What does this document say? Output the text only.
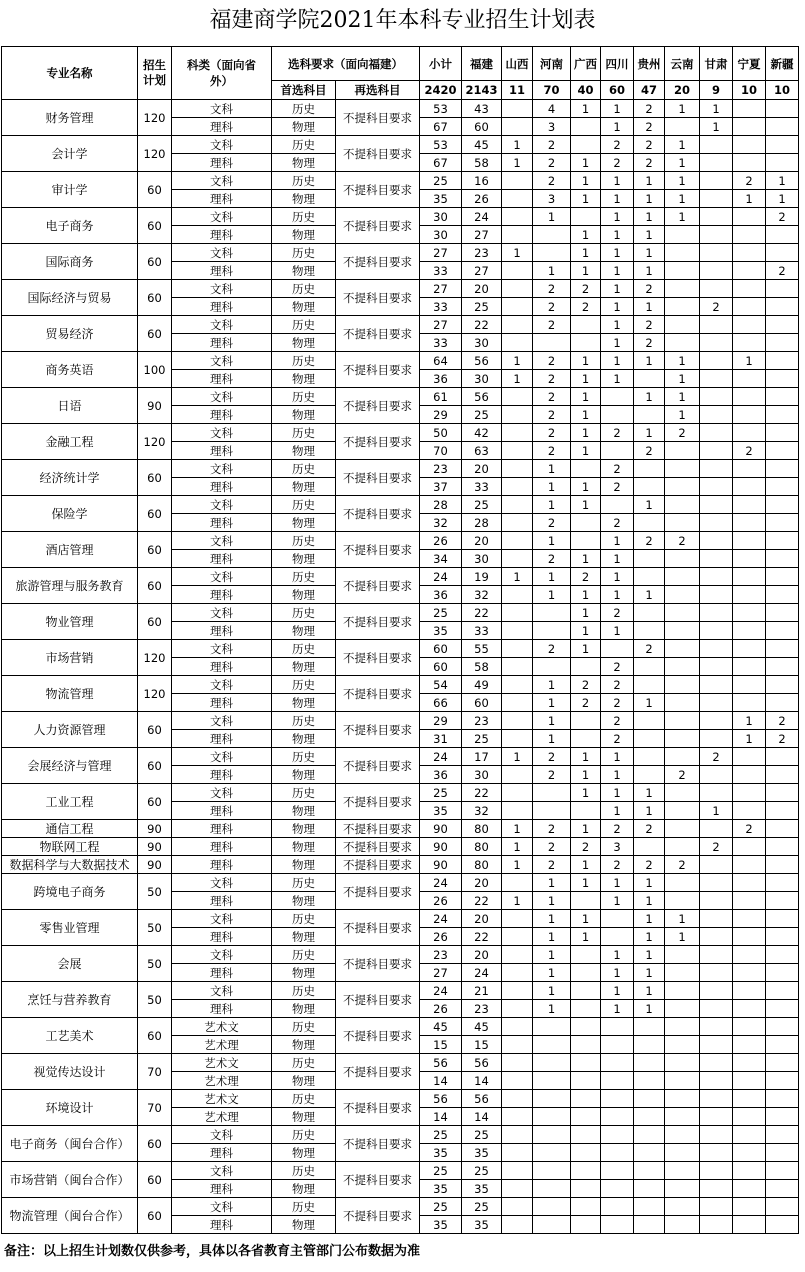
福建商学院2021年本科专业招生计划表
专业名称	招生计划	科类（面向省外）	选科要求（面向福建）		小计	福建	山西	河南	广西	四川	贵州	云南	甘肃	宁夏	新疆
			首选科目	再选科目	2420	2143	11	70	40	60	47	20	9	10	10
财务管理	120	文科	历史	不提科目要求	53	43		4	1	1	2	1	1		
		理科	物理		67	60		3		1	2		1		
会计学	120	文科	历史	不提科目要求	53	45	1	2		2	2	1			
		理科	物理		67	58	1	2	1	2	2	1			
审计学	60	文科	历史	不提科目要求	25	16		2	1	1	1	1		2	1
		理科	物理		35	26		3	1	1	1	1		1	1
电子商务	60	文科	历史	不提科目要求	30	24		1		1	1	1			2
		理科	物理		30	27			1	1	1				
国际商务	60	文科	历史	不提科目要求	27	23	1		1	1	1				
		理科	物理		33	27		1	1	1	1				2
国际经济与贸易	60	文科	历史	不提科目要求	27	20		2	2	1	2				
		理科	物理		33	25		2	2	1	1		2		
贸易经济	60	文科	历史	不提科目要求	27	22		2		1	2				
		理科	物理		33	30				1	2				
商务英语	100	文科	历史	不提科目要求	64	56	1	2	1	1	1	1		1	
		理科	物理		36	30	1	2	1	1		1			
日语	90	文科	历史	不提科目要求	61	56		2	1		1	1			
		理科	物理		29	25		2	1			1			
金融工程	120	文科	历史	不提科目要求	50	42		2	1	2	1	2			
		理科	物理		70	63		2	1		2			2	
经济统计学	60	文科	历史	不提科目要求	23	20		1		2					
		理科	物理		37	33		1	1	2					
保险学	60	文科	历史	不提科目要求	28	25		1	1		1				
		理科	物理		32	28		2		2					
酒店管理	60	文科	历史	不提科目要求	26	20		1		1	2	2			
		理科	物理		34	30		2	1	1					
旅游管理与服务教育	60	文科	历史	不提科目要求	24	19	1	1	2	1					
		理科	物理		36	32		1	1	1	1				
物业管理	60	文科	历史	不提科目要求	25	22			1	2					
		理科	物理		35	33			1	1					
市场营销	120	文科	历史	不提科目要求	60	55		2	1		2				
		理科	物理		60	58				2					
物流管理	120	文科	历史	不提科目要求	54	49		1	2	2					
		理科	物理		66	60		1	2	2	1				
人力资源管理	60	文科	历史	不提科目要求	29	23		1		2				1	2
		理科	物理		31	25		1		2				1	2
会展经济与管理	60	文科	历史	不提科目要求	24	17	1	2	1	1			2		
		理科	物理		36	30		2	1	1		2			
工业工程	60	文科	历史	不提科目要求	25	22			1	1	1				
		理科	物理		35	32				1	1		1		
通信工程	90	理科	物理	不提科目要求	90	80	1	2	1	2	2			2	
物联网工程	90	理科	物理	不提科目要求	90	80	1	2	2	3			2		
数据科学与大数据技术	90	理科	物理	不提科目要求	90	80	1	2	1	2	2	2			
跨境电子商务	50	文科	历史	不提科目要求	24	20		1	1	1	1				
		理科	物理		26	22	1	1		1	1				
零售业管理	50	文科	历史	不提科目要求	24	20		1	1		1	1			
		理科	物理		26	22		1	1		1	1			
会展	50	文科	历史	不提科目要求	23	20		1		1	1				
		理科	物理		27	24		1		1	1				
烹饪与营养教育	50	文科	历史	不提科目要求	24	21		1		1	1				
		理科	物理		26	23		1		1	1				
工艺美术	60	艺术文	历史	不提科目要求	45	45									
		艺术理	物理		15	15									
视觉传达设计	70	艺术文	历史	不提科目要求	56	56									
		艺术理	物理		14	14									
环境设计	70	艺术文	历史	不提科目要求	56	56									
		艺术理	物理		14	14									
电子商务（闽台合作）	60	文科	历史	不提科目要求	25	25									
		理科	物理		35	35									
市场营销（闽台合作）	60	文科	历史	不提科目要求	25	25									
		理科	物理		35	35									
物流管理（闽台合作）	60	文科	历史	不提科目要求	25	25									
		理科	物理		35	35									
备注：以上招生计划数仅供参考，具体以各省教育主管部门公布数据为准
